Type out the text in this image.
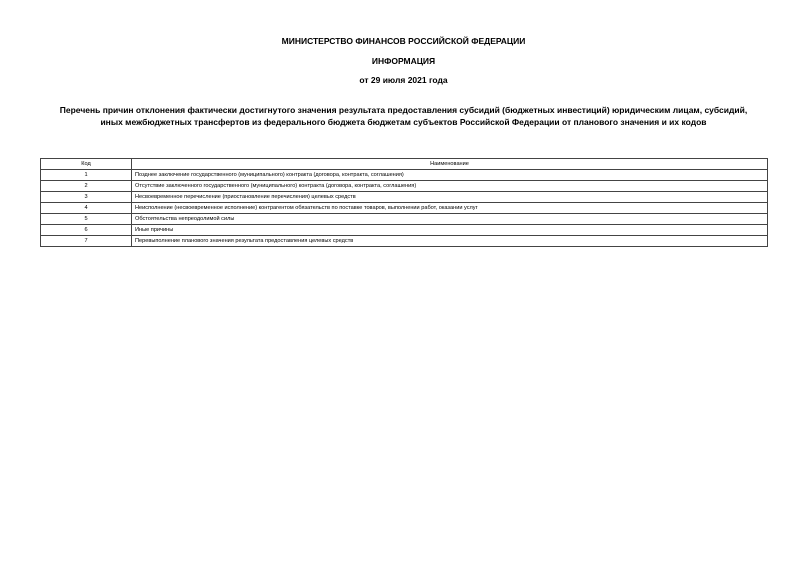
МИНИСТЕРСТВО ФИНАНСОВ РОССИЙСКОЙ ФЕДЕРАЦИИ
ИНФОРМАЦИЯ
от 29 июля 2021 года
Перечень причин отклонения фактически достигнутого значения результата предоставления субсидий (бюджетных инвестиций) юридическим лицам, субсидий,
иных межбюджетных трансфертов из федерального бюджета бюджетам субъектов Российской Федерации от планового значения и их кодов
Код	Наименование
1	Позднее заключение государственного (муниципального) контракта (договора, контракта, соглашения)
2	Отсутствие заключенного государственного (муниципального) контракта (договора, контракта, соглашения)
3	Несвоевременное перечисление (приостановление перечисления) целевых средств
4	Неисполнение (несвоевременное исполнение) контрагентом обязательств по поставке товаров, выполнении работ, оказании услуг
5	Обстоятельства непреодолимой силы
6	Иные причины
7	Перевыполнение планового значения результата предоставления целевых средств
